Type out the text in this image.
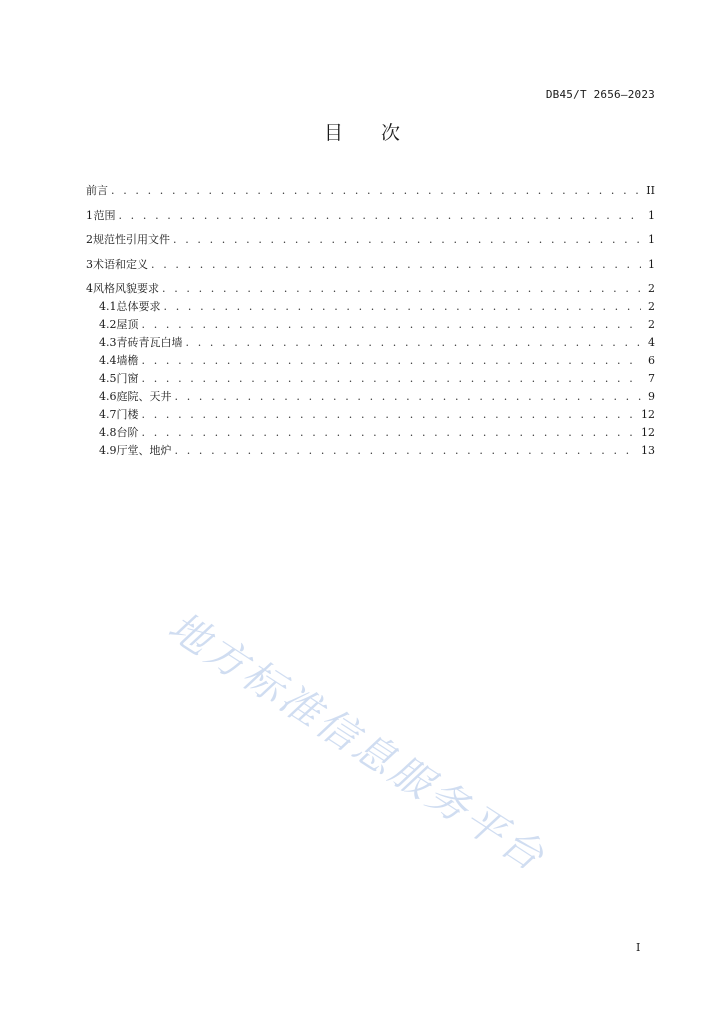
DB45/T 2656—2023
目 次
前言 . . .	II
1 范围 . . .	1
2 规范性引用文件 . . .	1
3 术语和定义 . . .	1
4 风格风貌要求 . . .	2
4.1 总体要求 . . .	2
4.2 屋顶 . . .	2
4.3 青砖青瓦白墙 . . .	4
4.4 墙檐 . . .	6
4.5 门窗 . . .	7
4.6 庭院、天井 . . .	9
4.7 门楼 . . .	12
4.8 台阶 . . .	12
4.9 厅堂、地炉 . . .	13
地方标准信息服务平台
I
